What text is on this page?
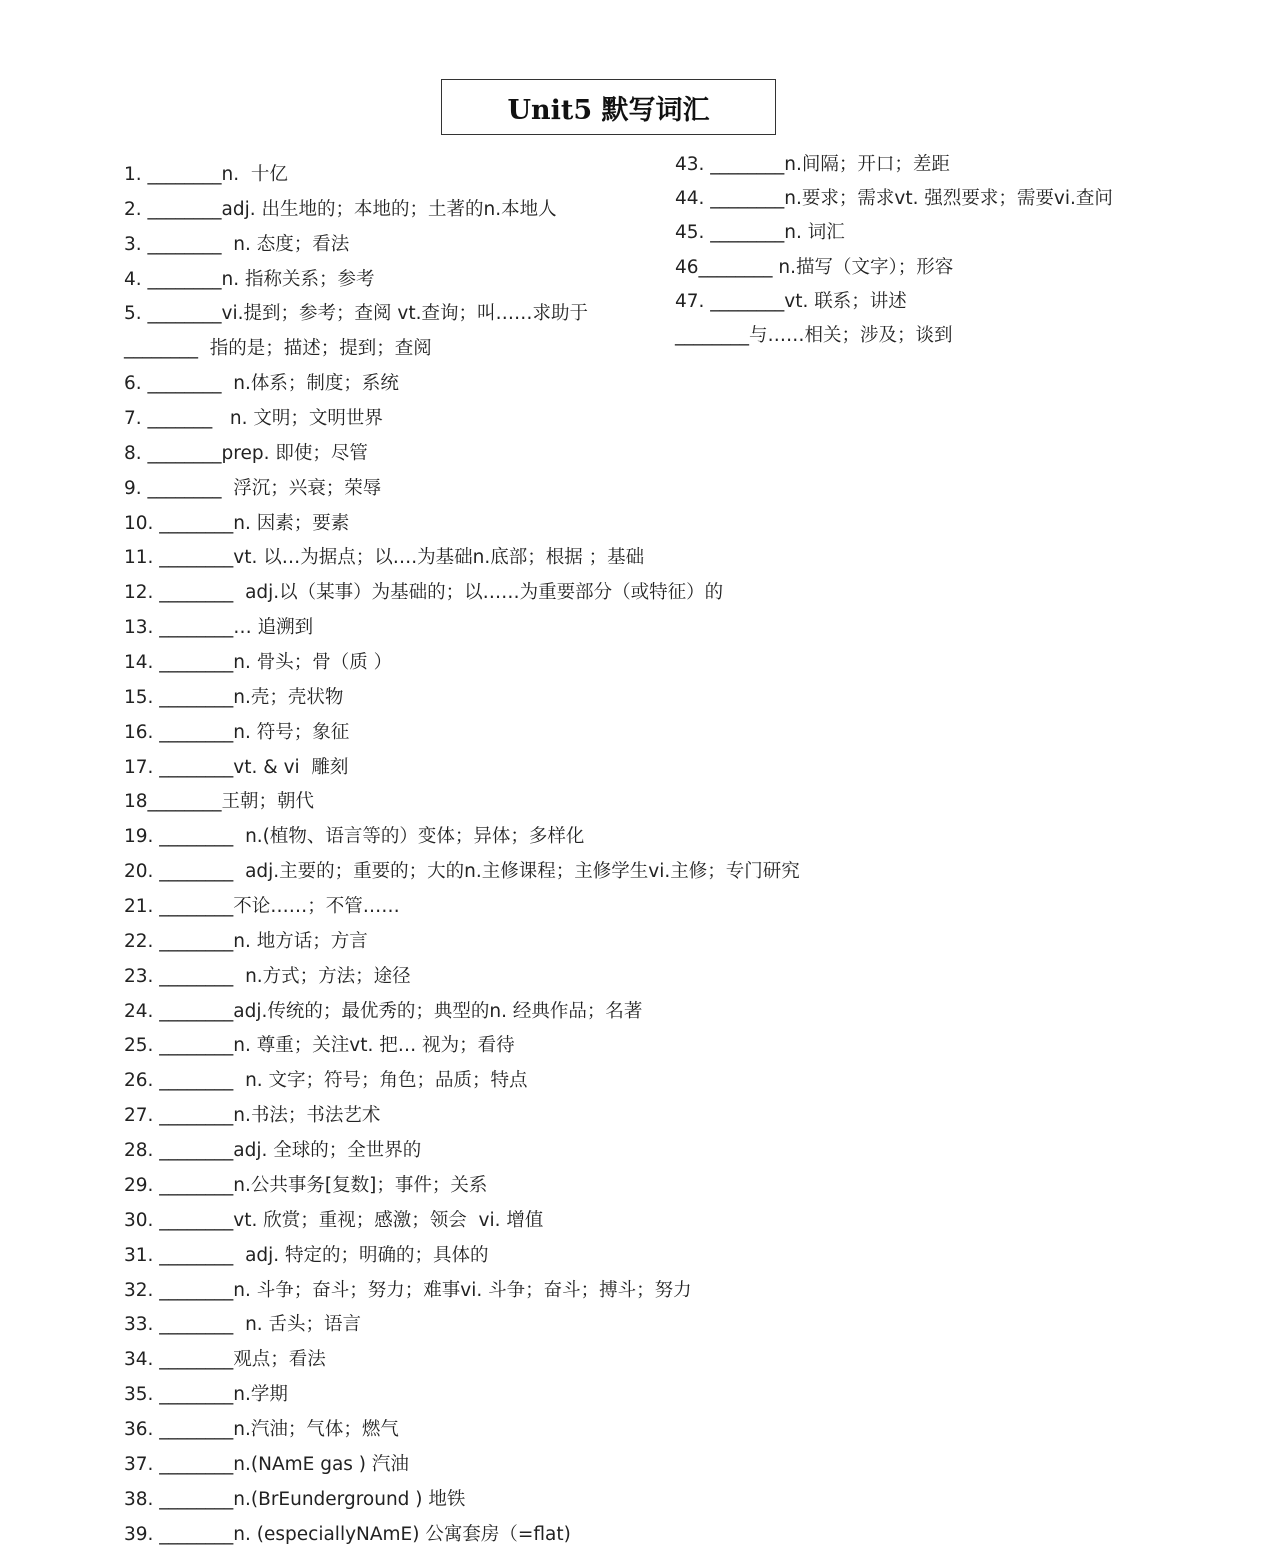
Unit5 默写词汇
1. ________n.  十亿
2. ________adj. 出生地的；本地的；土著的n.本地人
3. ________  n. 态度；看法
4. ________n. 指称关系；参考
5. ________vi.提到；参考；查阅 vt.查询；叫……求助于
________  指的是；描述；提到；查阅
6. ________  n.体系；制度；系统
7. _______   n. 文明；文明世界
8. ________prep. 即使；尽管
9. ________  浮沉；兴衰；荣辱
10. ________n. 因素；要素
11. ________vt. 以…为据点；以….为基础n.底部；根据 ；基础
12. ________  adj.以（某事）为基础的；以……为重要部分（或特征）的
13. ________… 追溯到
14. ________n. 骨头；骨（质 ）
15. ________n.壳；壳状物
16. ________n. 符号；象征
17. ________vt. & vi  雕刻
18________王朝；朝代
19. ________  n.(植物、语言等的）变体；异体；多样化
20. ________  adj.主要的；重要的；大的n.主修课程；主修学生vi.主修；专门研究
21. ________不论……；不管……
22. ________n. 地方话；方言
23. ________  n.方式；方法；途径
24. ________adj.传统的；最优秀的；典型的n. 经典作品；名著
25. ________n. 尊重；关注vt. 把… 视为；看待
26. ________  n. 文字；符号；角色；品质；特点
27. ________n.书法；书法艺术
28. ________adj. 全球的；全世界的
29. ________n.公共事务[复数]；事件；关系
30. ________vt. 欣赏；重视；感激；领会  vi. 增值
31. ________  adj. 特定的；明确的；具体的
32. ________n. 斗争；奋斗；努力；难事vi. 斗争；奋斗；搏斗；努力
33. ________  n. 舌头；语言
34. ________观点；看法
35. ________n.学期
36. ________n.汽油；气体；燃气
37. ________n.(NAmE gas ) 汽油
38. ________n.(BrEunderground ) 地铁
39. ________n. (especiallyNAmE) 公寓套房（=flat)
43. ________n.间隔；开口；差距
44. ________n.要求；需求vt. 强烈要求；需要vi.查问
45. ________n. 词汇
46________ n.描写（文字）；形容
47. ________vt. 联系；讲述
________与……相关；涉及；谈到
